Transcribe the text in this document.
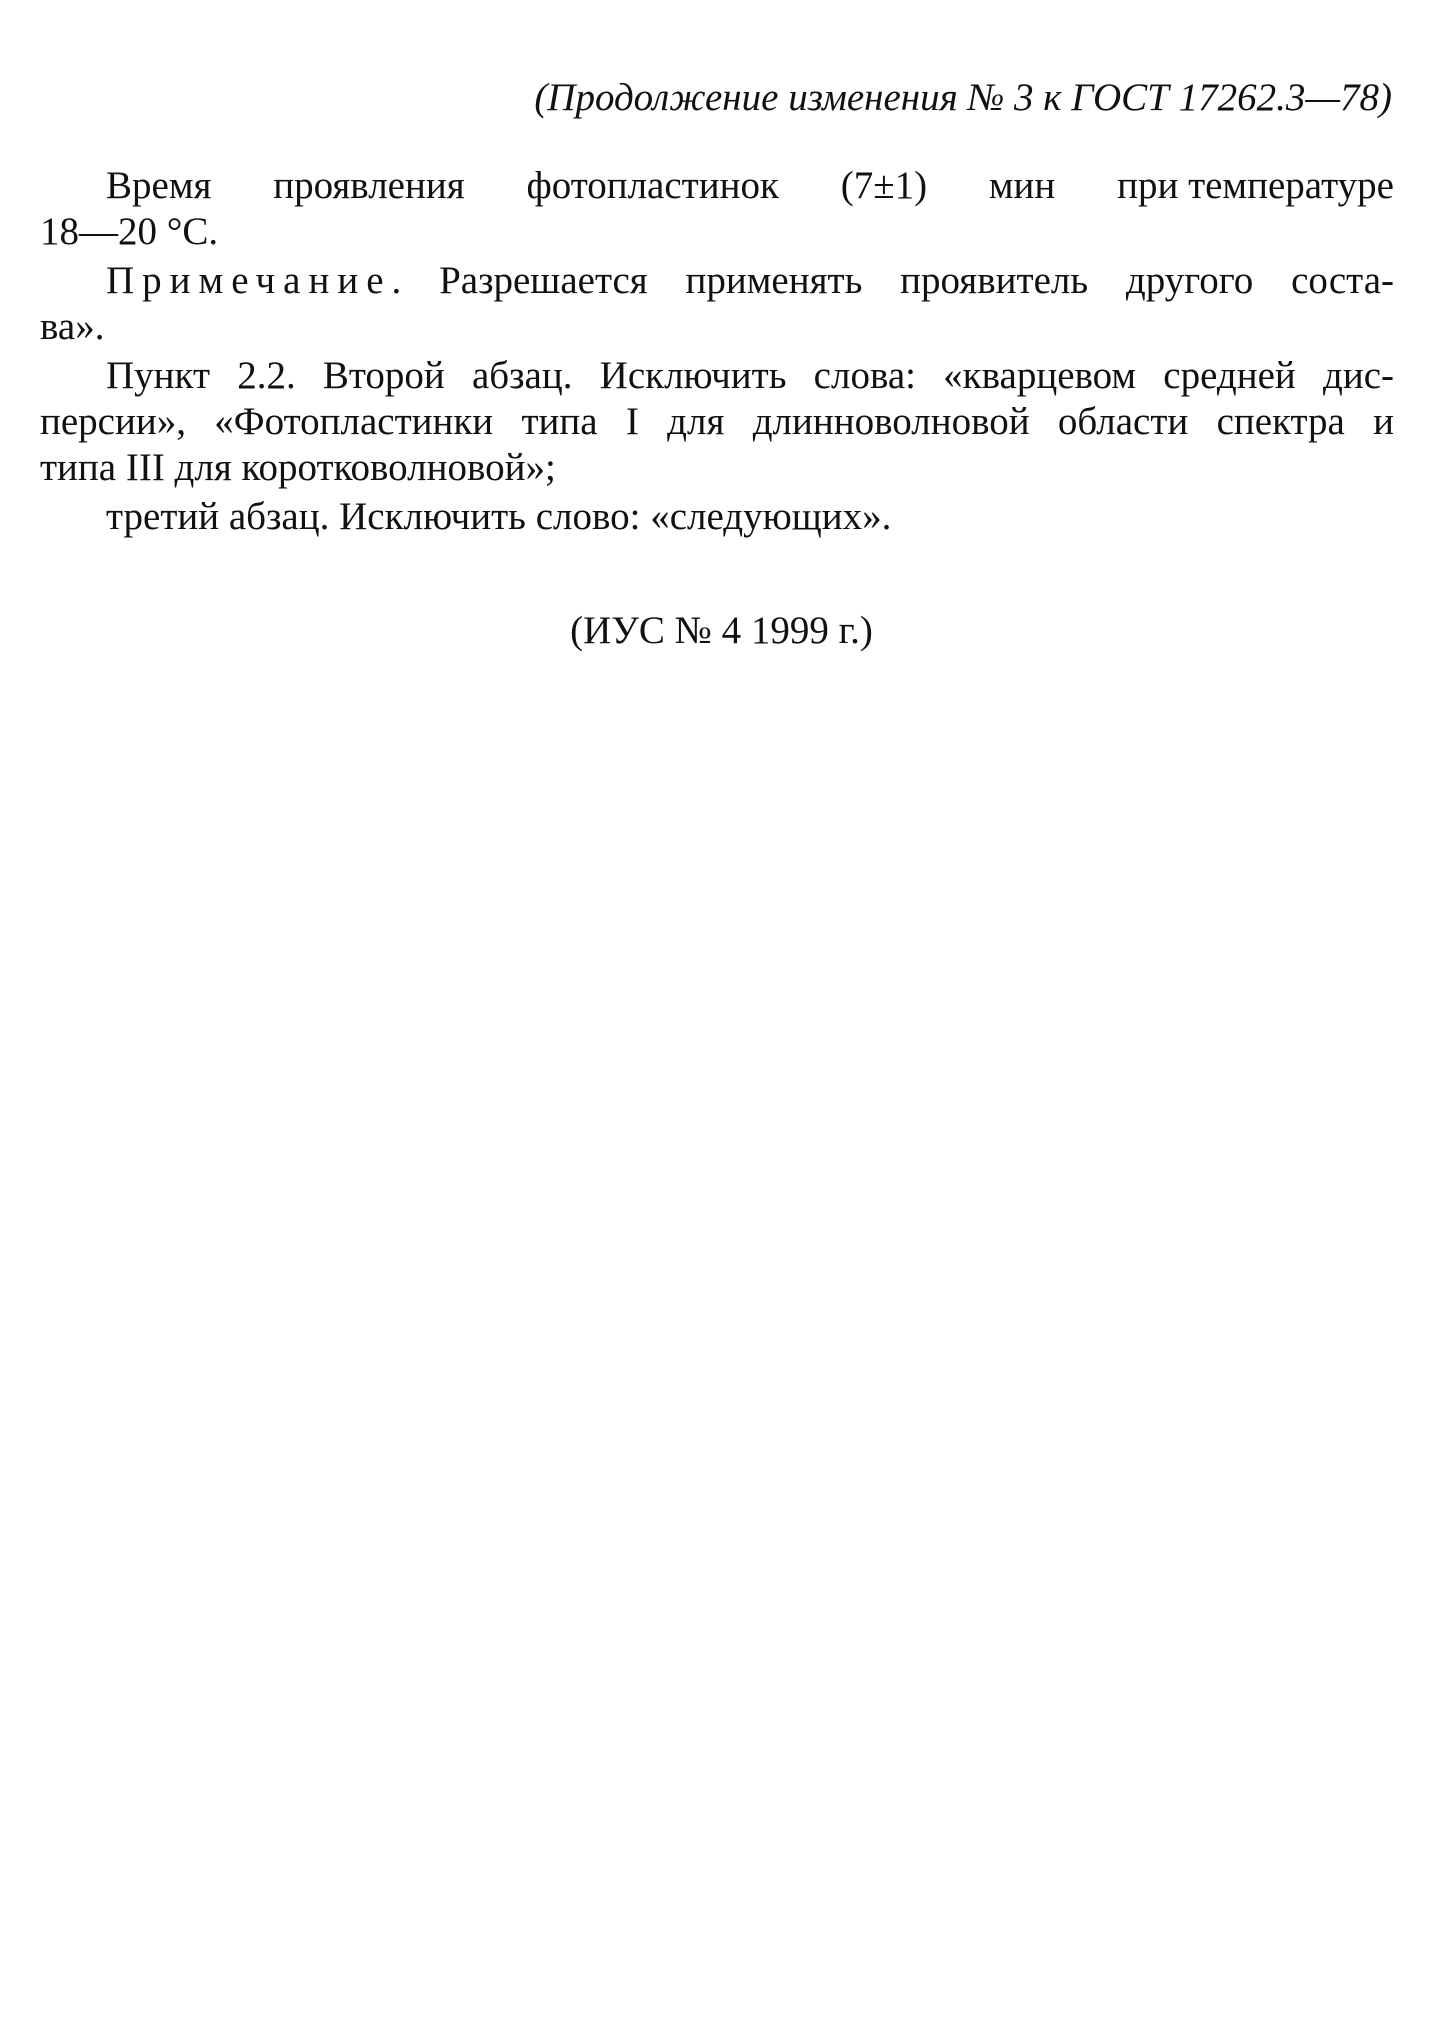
(Продолжение изменения № 3 к ГОСТ 17262.3—78)
Время проявления фотопластинок (7±1) мин при температуре
18—20 °С.
Примечание. Разрешается применять проявитель другого соста-
ва».
Пункт 2.2. Второй абзац. Исключить слова: «кварцевом средней дис-
персии», «Фотопластинки типа I для длинноволновой области спектра и
типа III для коротковолновой»;
третий абзац. Исключить слово: «следующих».
(ИУС № 4 1999 г.)
